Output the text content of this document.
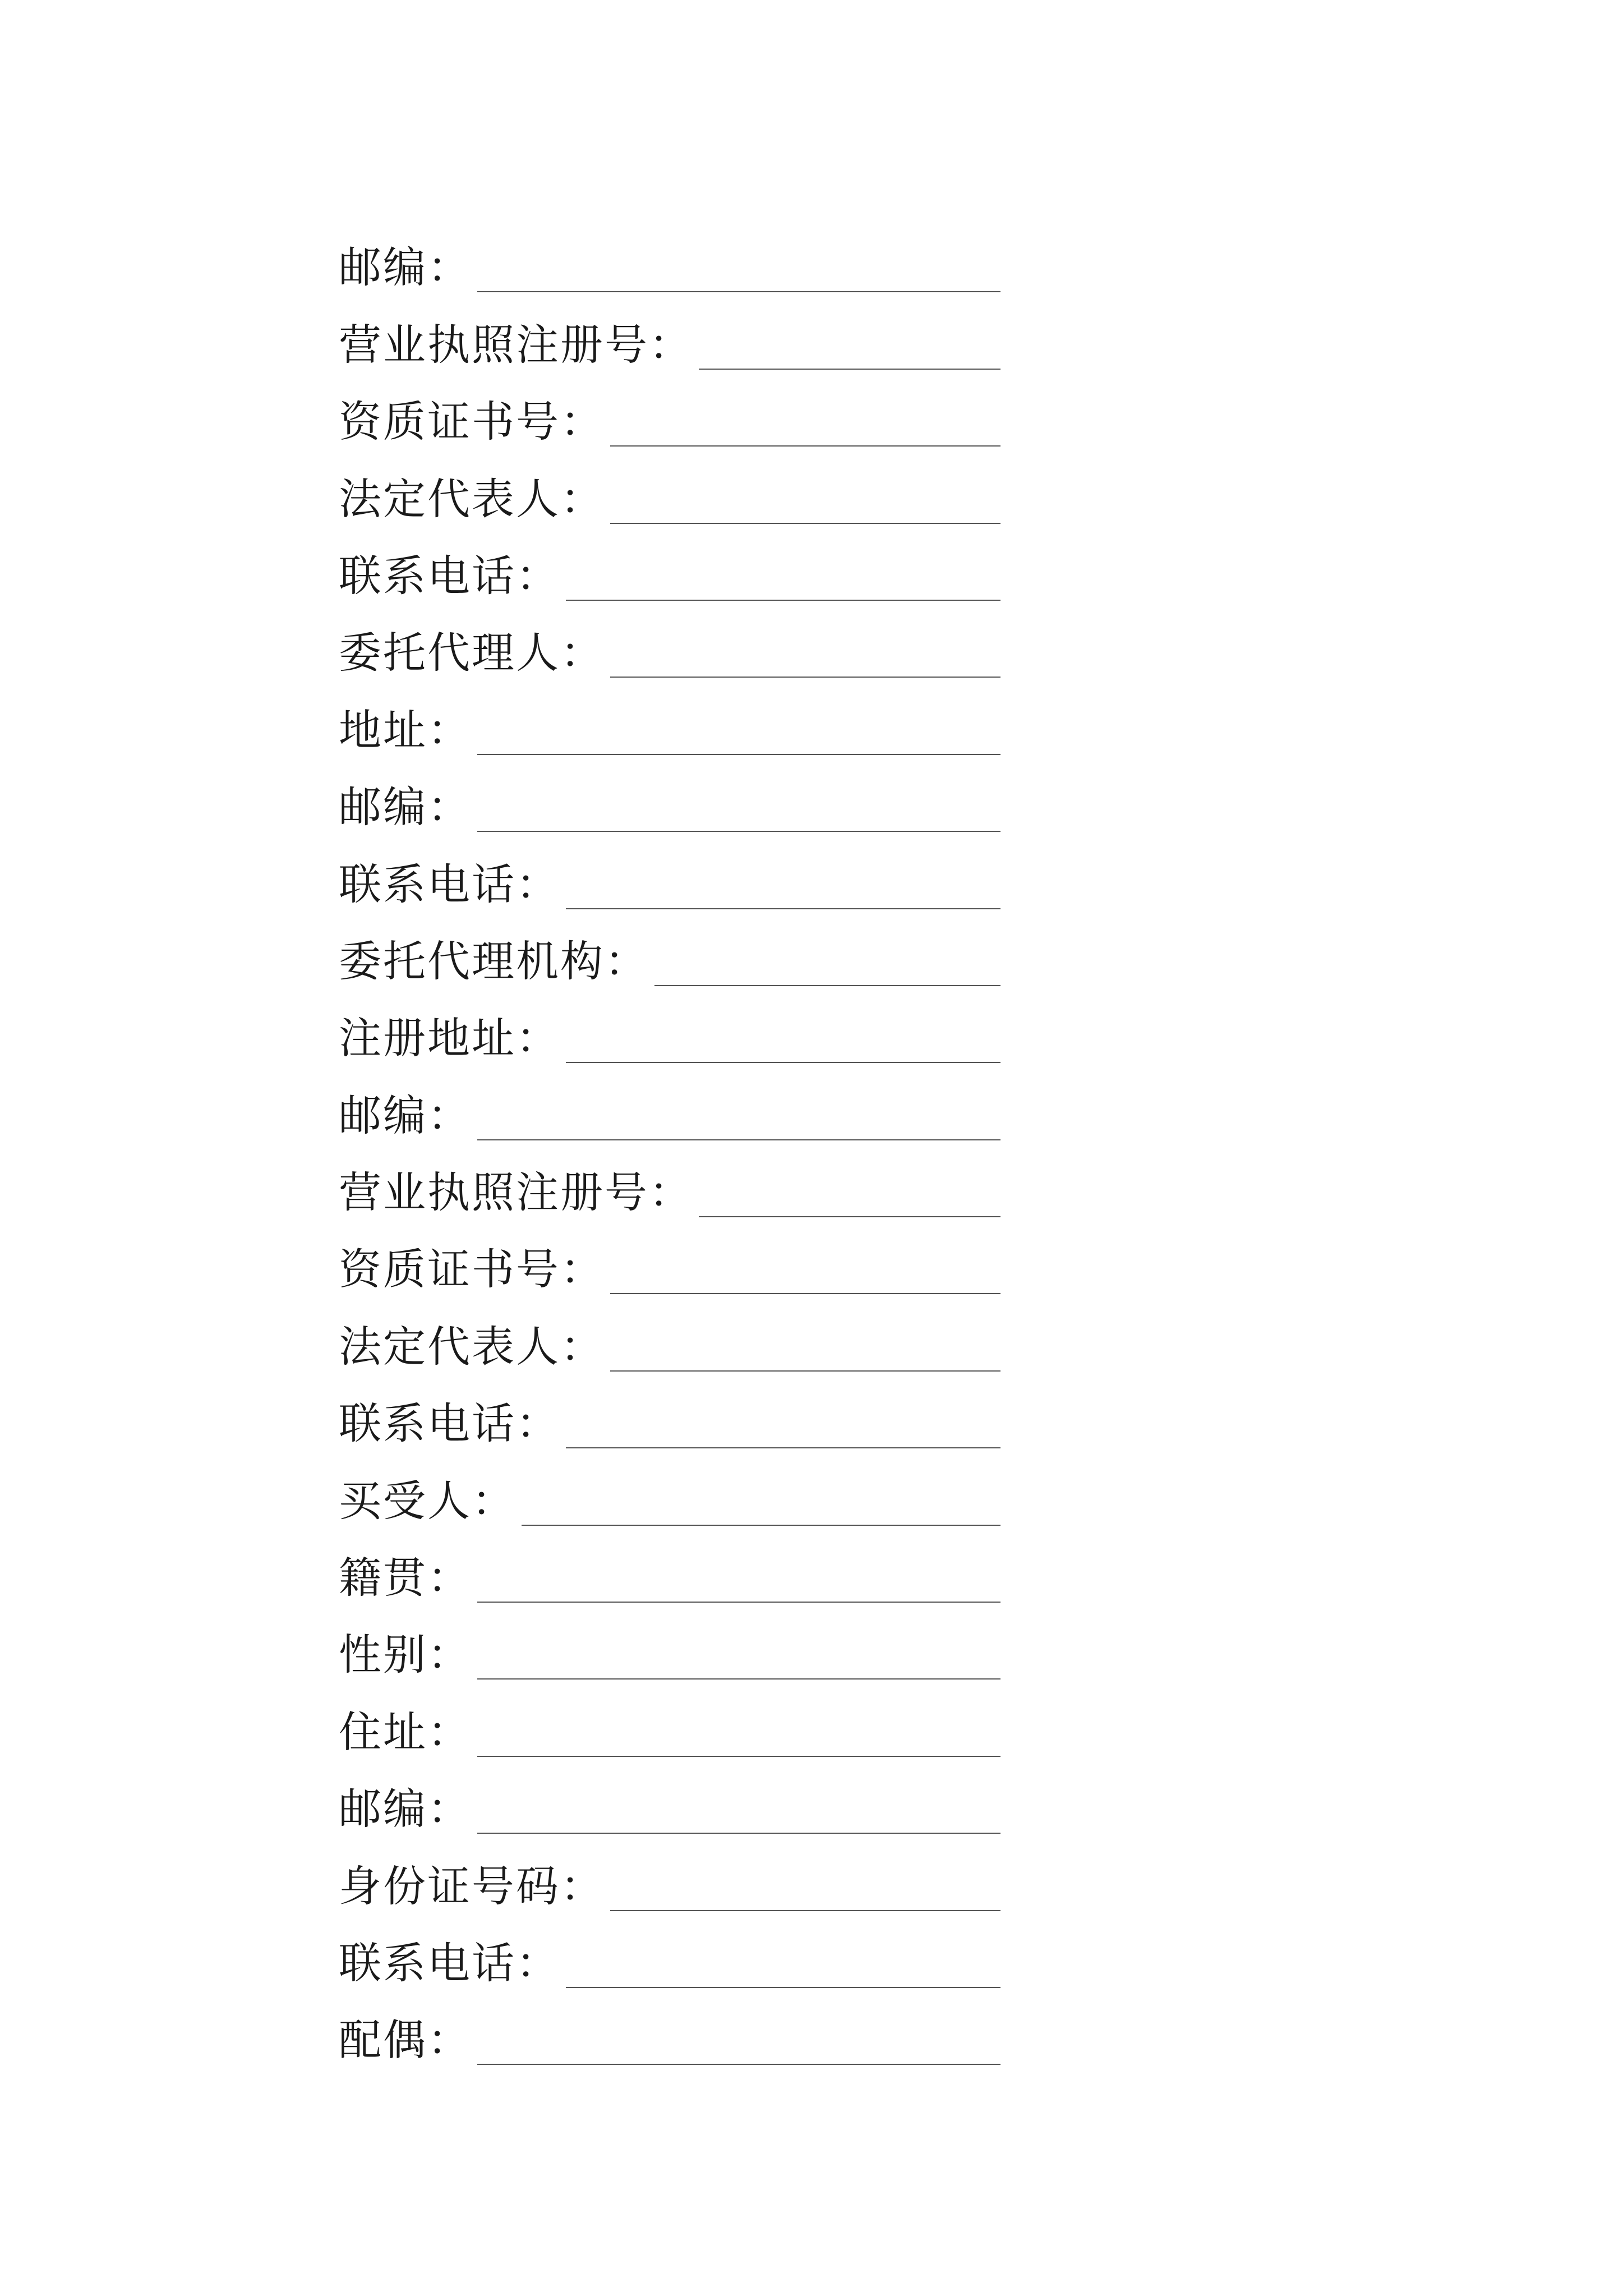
邮编：
营业执照注册号：
资质证书号：
法定代表人：
联系电话：
委托代理人：
地址：
邮编：
联系电话：
委托代理机构：
注册地址：
邮编：
营业执照注册号：
资质证书号：
法定代表人：
联系电话：
买受人：
籍贯：
性别：
住址：
邮编：
身份证号码：
联系电话：
配偶：
